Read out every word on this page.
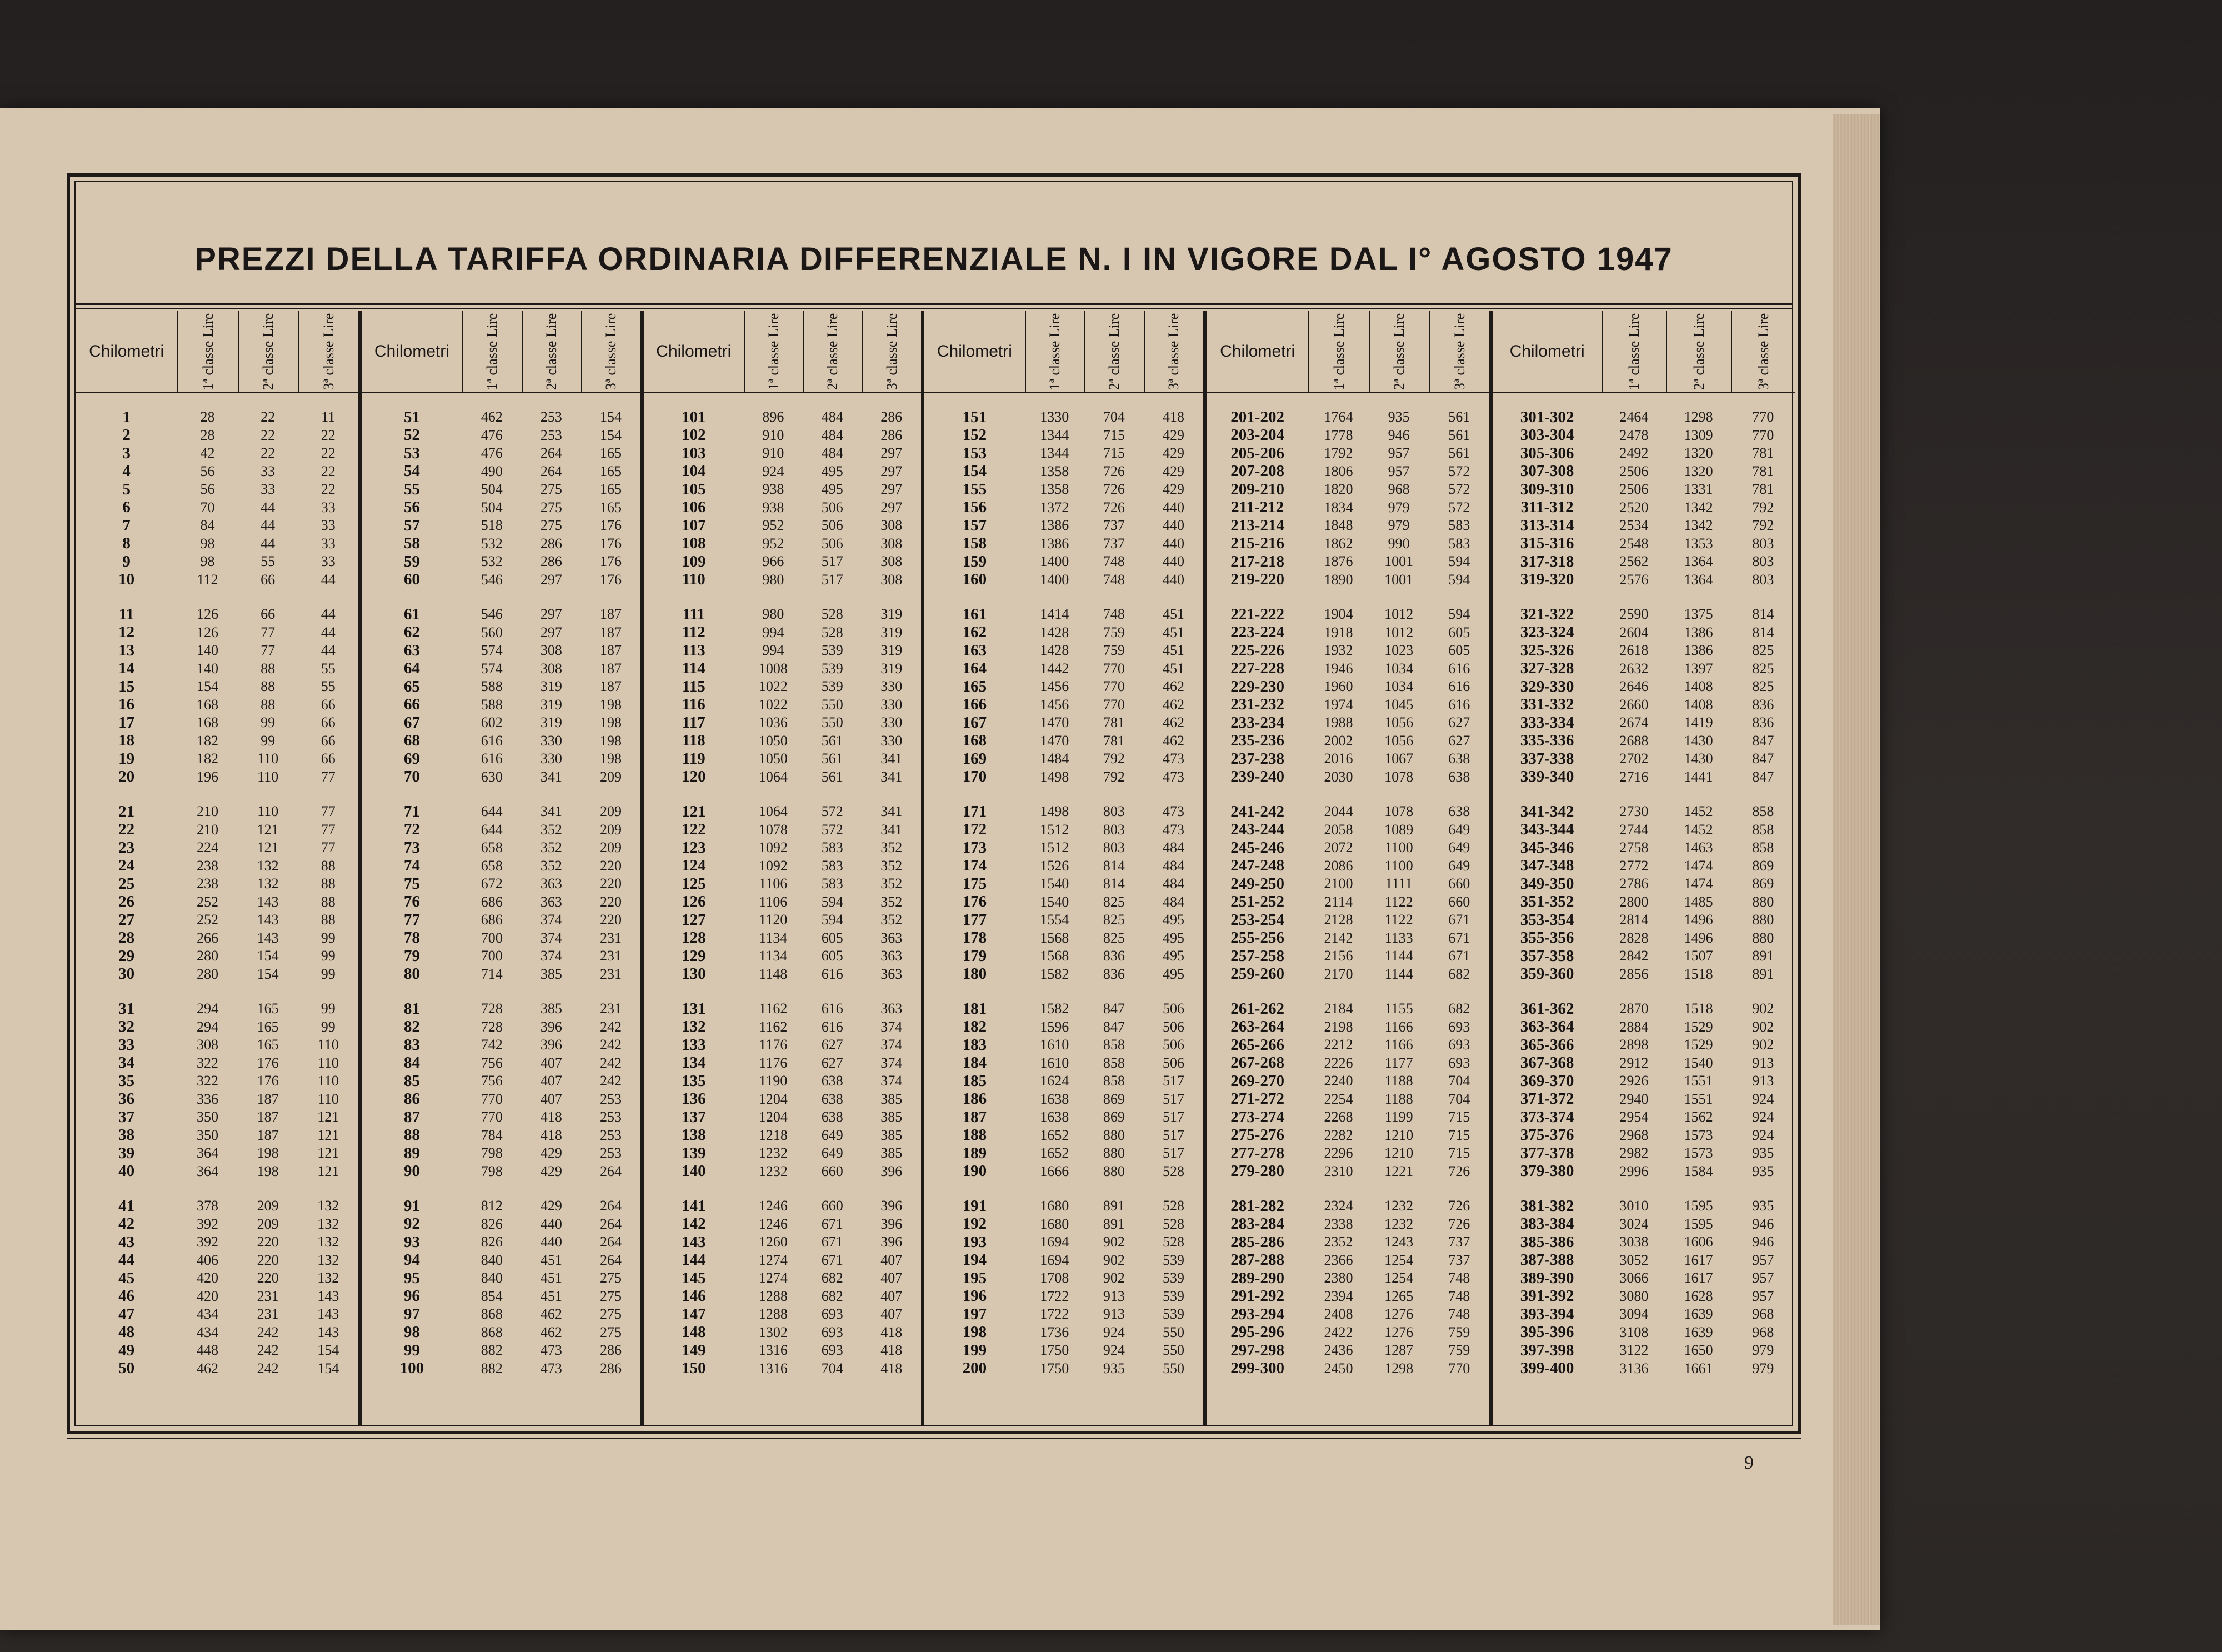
PREZZI DELLA TARIFFA ORDINARIA DIFFERENZIALE N. I IN VIGORE DAL I° AGOSTO 1947
Chilometri	1ª classe Lire	2ª classe Lire	3ª classe Lire
1	28	22	11
2	28	22	22
3	42	22	22
4	56	33	22
5	56	33	22
6	70	44	33
7	84	44	33
8	98	44	33
9	98	55	33
10	112	66	44
11	126	66	44
12	126	77	44
13	140	77	44
14	140	88	55
15	154	88	55
16	168	88	66
17	168	99	66
18	182	99	66
19	182	110	66
20	196	110	77
21	210	110	77
22	210	121	77
23	224	121	77
24	238	132	88
25	238	132	88
26	252	143	88
27	252	143	88
28	266	143	99
29	280	154	99
30	280	154	99
31	294	165	99
32	294	165	99
33	308	165	110
34	322	176	110
35	322	176	110
36	336	187	110
37	350	187	121
38	350	187	121
39	364	198	121
40	364	198	121
41	378	209	132
42	392	209	132
43	392	220	132
44	406	220	132
45	420	220	132
46	420	231	143
47	434	231	143
48	434	242	143
49	448	242	154
50	462	242	154
Chilometri	1ª classe Lire	2ª classe Lire	3ª classe Lire
51	462	253	154
52	476	253	154
53	476	264	165
54	490	264	165
55	504	275	165
56	504	275	165
57	518	275	176
58	532	286	176
59	532	286	176
60	546	297	176
61	546	297	187
62	560	297	187
63	574	308	187
64	574	308	187
65	588	319	187
66	588	319	198
67	602	319	198
68	616	330	198
69	616	330	198
70	630	341	209
71	644	341	209
72	644	352	209
73	658	352	209
74	658	352	220
75	672	363	220
76	686	363	220
77	686	374	220
78	700	374	231
79	700	374	231
80	714	385	231
81	728	385	231
82	728	396	242
83	742	396	242
84	756	407	242
85	756	407	242
86	770	407	253
87	770	418	253
88	784	418	253
89	798	429	253
90	798	429	264
91	812	429	264
92	826	440	264
93	826	440	264
94	840	451	264
95	840	451	275
96	854	451	275
97	868	462	275
98	868	462	275
99	882	473	286
100	882	473	286
Chilometri	1ª classe Lire	2ª classe Lire	3ª classe Lire
101	896	484	286
102	910	484	286
103	910	484	297
104	924	495	297
105	938	495	297
106	938	506	297
107	952	506	308
108	952	506	308
109	966	517	308
110	980	517	308
111	980	528	319
112	994	528	319
113	994	539	319
114	1008	539	319
115	1022	539	330
116	1022	550	330
117	1036	550	330
118	1050	561	330
119	1050	561	341
120	1064	561	341
121	1064	572	341
122	1078	572	341
123	1092	583	352
124	1092	583	352
125	1106	583	352
126	1106	594	352
127	1120	594	352
128	1134	605	363
129	1134	605	363
130	1148	616	363
131	1162	616	363
132	1162	616	374
133	1176	627	374
134	1176	627	374
135	1190	638	374
136	1204	638	385
137	1204	638	385
138	1218	649	385
139	1232	649	385
140	1232	660	396
141	1246	660	396
142	1246	671	396
143	1260	671	396
144	1274	671	407
145	1274	682	407
146	1288	682	407
147	1288	693	407
148	1302	693	418
149	1316	693	418
150	1316	704	418
Chilometri	1ª classe Lire	2ª classe Lire	3ª classe Lire
151	1330	704	418
152	1344	715	429
153	1344	715	429
154	1358	726	429
155	1358	726	429
156	1372	726	440
157	1386	737	440
158	1386	737	440
159	1400	748	440
160	1400	748	440
161	1414	748	451
162	1428	759	451
163	1428	759	451
164	1442	770	451
165	1456	770	462
166	1456	770	462
167	1470	781	462
168	1470	781	462
169	1484	792	473
170	1498	792	473
171	1498	803	473
172	1512	803	473
173	1512	803	484
174	1526	814	484
175	1540	814	484
176	1540	825	484
177	1554	825	495
178	1568	825	495
179	1568	836	495
180	1582	836	495
181	1582	847	506
182	1596	847	506
183	1610	858	506
184	1610	858	506
185	1624	858	517
186	1638	869	517
187	1638	869	517
188	1652	880	517
189	1652	880	517
190	1666	880	528
191	1680	891	528
192	1680	891	528
193	1694	902	528
194	1694	902	539
195	1708	902	539
196	1722	913	539
197	1722	913	539
198	1736	924	550
199	1750	924	550
200	1750	935	550
Chilometri	1ª classe Lire	2ª classe Lire	3ª classe Lire
201-202	1764	935	561
203-204	1778	946	561
205-206	1792	957	561
207-208	1806	957	572
209-210	1820	968	572
211-212	1834	979	572
213-214	1848	979	583
215-216	1862	990	583
217-218	1876	1001	594
219-220	1890	1001	594
221-222	1904	1012	594
223-224	1918	1012	605
225-226	1932	1023	605
227-228	1946	1034	616
229-230	1960	1034	616
231-232	1974	1045	616
233-234	1988	1056	627
235-236	2002	1056	627
237-238	2016	1067	638
239-240	2030	1078	638
241-242	2044	1078	638
243-244	2058	1089	649
245-246	2072	1100	649
247-248	2086	1100	649
249-250	2100	1111	660
251-252	2114	1122	660
253-254	2128	1122	671
255-256	2142	1133	671
257-258	2156	1144	671
259-260	2170	1144	682
261-262	2184	1155	682
263-264	2198	1166	693
265-266	2212	1166	693
267-268	2226	1177	693
269-270	2240	1188	704
271-272	2254	1188	704
273-274	2268	1199	715
275-276	2282	1210	715
277-278	2296	1210	715
279-280	2310	1221	726
281-282	2324	1232	726
283-284	2338	1232	726
285-286	2352	1243	737
287-288	2366	1254	737
289-290	2380	1254	748
291-292	2394	1265	748
293-294	2408	1276	748
295-296	2422	1276	759
297-298	2436	1287	759
299-300	2450	1298	770
Chilometri	1ª classe Lire	2ª classe Lire	3ª classe Lire
301-302	2464	1298	770
303-304	2478	1309	770
305-306	2492	1320	781
307-308	2506	1320	781
309-310	2506	1331	781
311-312	2520	1342	792
313-314	2534	1342	792
315-316	2548	1353	803
317-318	2562	1364	803
319-320	2576	1364	803
321-322	2590	1375	814
323-324	2604	1386	814
325-326	2618	1386	825
327-328	2632	1397	825
329-330	2646	1408	825
331-332	2660	1408	836
333-334	2674	1419	836
335-336	2688	1430	847
337-338	2702	1430	847
339-340	2716	1441	847
341-342	2730	1452	858
343-344	2744	1452	858
345-346	2758	1463	858
347-348	2772	1474	869
349-350	2786	1474	869
351-352	2800	1485	880
353-354	2814	1496	880
355-356	2828	1496	880
357-358	2842	1507	891
359-360	2856	1518	891
361-362	2870	1518	902
363-364	2884	1529	902
365-366	2898	1529	902
367-368	2912	1540	913
369-370	2926	1551	913
371-372	2940	1551	924
373-374	2954	1562	924
375-376	2968	1573	924
377-378	2982	1573	935
379-380	2996	1584	935
381-382	3010	1595	935
383-384	3024	1595	946
385-386	3038	1606	946
387-388	3052	1617	957
389-390	3066	1617	957
391-392	3080	1628	957
393-394	3094	1639	968
395-396	3108	1639	968
397-398	3122	1650	979
399-400	3136	1661	979
9
